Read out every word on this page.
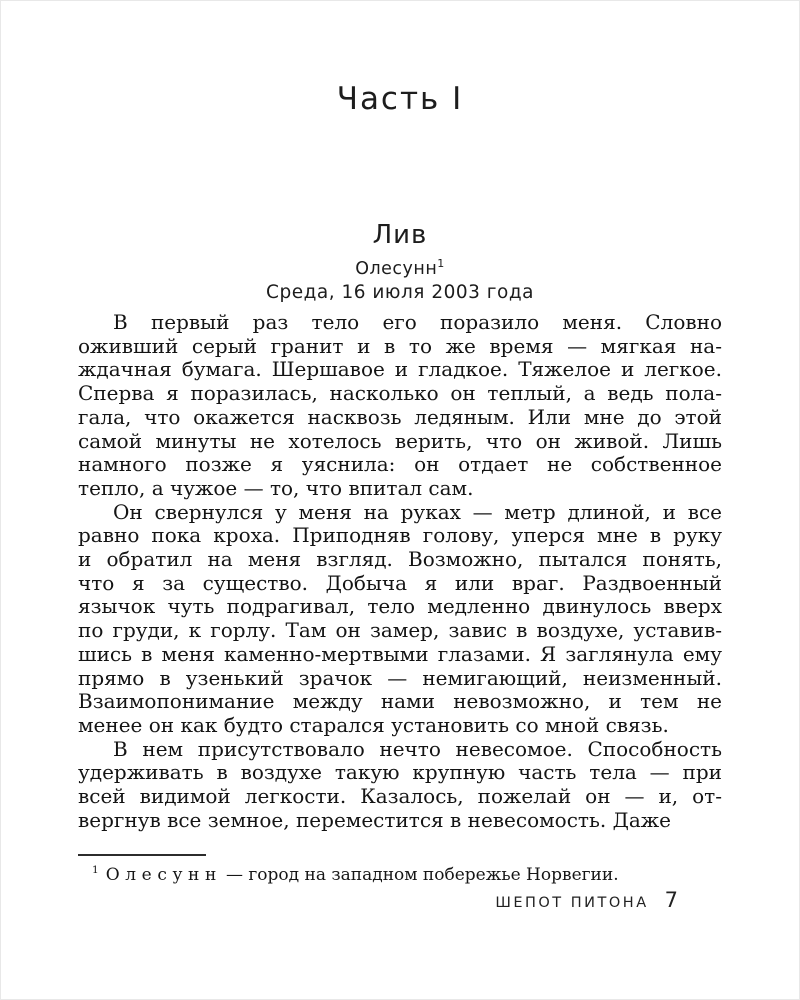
Часть I
Лив
Олесунн$^1$
Среда, 16 июля 2003 года
В первый раз тело его поразило меня. Словно
оживший серый гранит и в то же время — мягкая на-
ждачная бумага. Шершавое и гладкое. Тяжелое и легкое.
Сперва я поразилась, насколько он теплый, а ведь пола-
гала, что окажется насквозь ледяным. Или мне до этой
самой минуты не хотелось верить, что он живой. Лишь
намного позже я уяснила: он отдает не собственное
тепло, а чужое — то, что впитал сам.
Он свернулся у меня на руках — метр длиной, и все
равно пока кроха. Приподняв голову, уперся мне в руку
и обратил на меня взгляд. Возможно, пытался понять,
что я за существо. Добыча я или враг. Раздвоенный
язычок чуть подрагивал, тело медленно двинулось вверх
по груди, к горлу. Там он замер, завис в воздухе, уставив-
шись в меня каменно-мертвыми глазами. Я заглянула ему
прямо в узенький зрачок — немигающий, неизменный.
Взаимопонимание между нами невозможно, и тем не
менее он как будто старался установить со мной связь.
В нем присутствовало нечто невесомое. Способность
удерживать в воздухе такую крупную часть тела — при
всей видимой легкости. Казалось, пожелай он — и, от-
вергнув все земное, переместится в невесомость. Даже
$^1$ Олесунн — город на западном побережье Норвегии.
ШЕПОТ ПИТОНА 7
